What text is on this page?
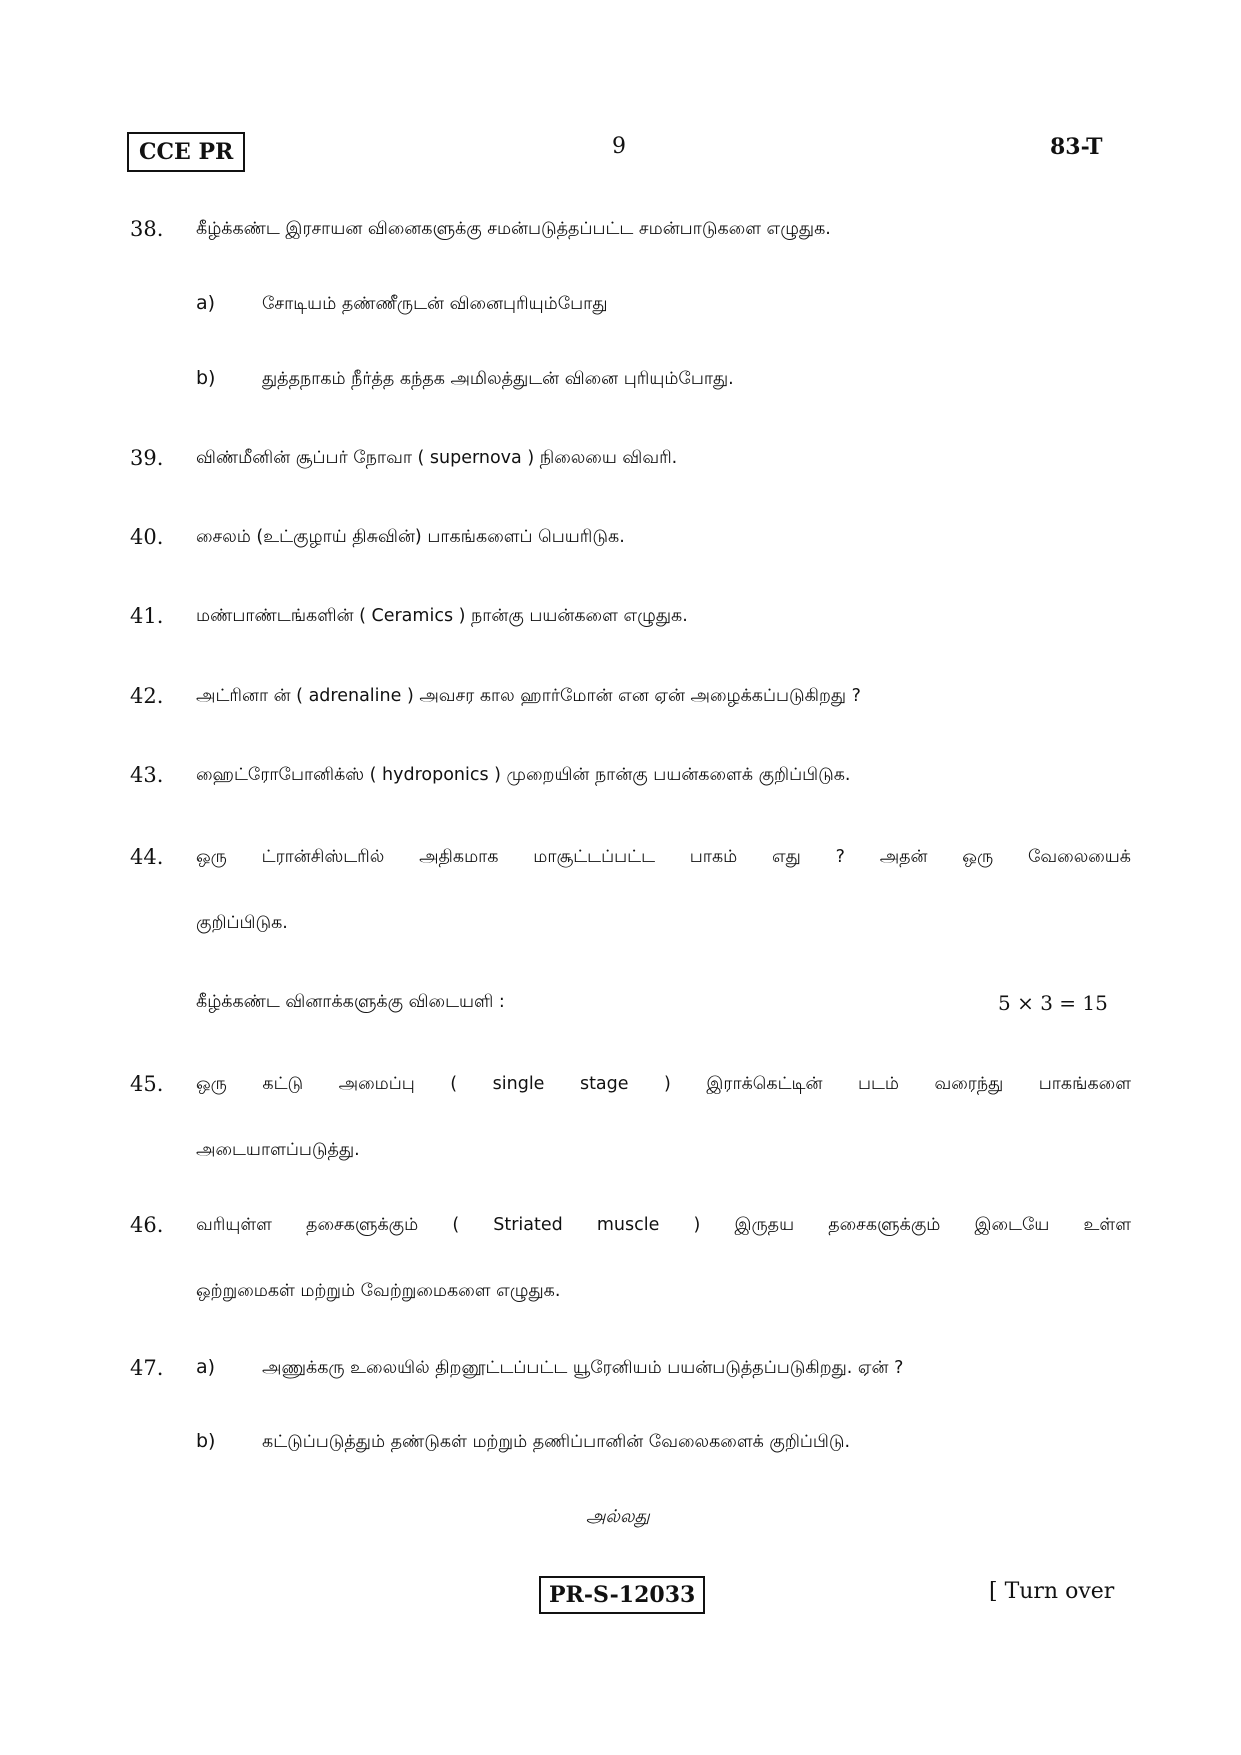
CCE PR	9	83-T
38. கீழ்க்கண்ட இரசாயன வினைகளுக்கு சமன்படுத்தப்பட்ட சமன்பாடுகளை எழுதுக.
a)	சோடியம் தண்ணீருடன் வினைபுரியும்போது
b)	துத்தநாகம் நீர்த்த கந்தக அமிலத்துடன் வினை புரியும்போது.
39. விண்மீனின் சூப்பர் நோவா ( supernova ) நிலையை விவரி.
40. சைலம் (உட்குழாய் திசுவின்) பாகங்களைப் பெயரிடுக.
41. மண்பாண்டங்களின் ( Ceramics ) நான்கு பயன்களை எழுதுக.
42. அட்ரினா ன் ( adrenaline ) அவசர கால ஹார்மோன் என ஏன் அழைக்கப்படுகிறது ?
43. ஹைட்ரோபோனிக்ஸ் ( hydroponics ) முறையின் நான்கு பயன்களைக் குறிப்பிடுக.
44. ஒரு ட்ரான்சிஸ்டரில் அதிகமாக மாசூட்டப்பட்ட பாகம் எது ? அதன் ஒரு வேலையைக்
குறிப்பிடுக.
கீழ்க்கண்ட வினாக்களுக்கு விடையளி :	5 × 3 = 15
45. ஒரு கட்டு அமைப்பு ( single stage ) இராக்கெட்டின் படம் வரைந்து பாகங்களை
அடையாளப்படுத்து.
46. வரியுள்ள தசைகளுக்கும் ( Striated muscle ) இருதய தசைகளுக்கும் இடையே உள்ள
ஒற்றுமைகள் மற்றும் வேற்றுமைகளை எழுதுக.
47. a)	அணுக்கரு உலையில் திறனூட்டப்பட்ட யூரேனியம் பயன்படுத்தப்படுகிறது. ஏன் ?
b)	கட்டுப்படுத்தும் தண்டுகள் மற்றும் தணிப்பானின் வேலைகளைக் குறிப்பிடு.
அல்லது
PR-S-12033	[ Turn over
